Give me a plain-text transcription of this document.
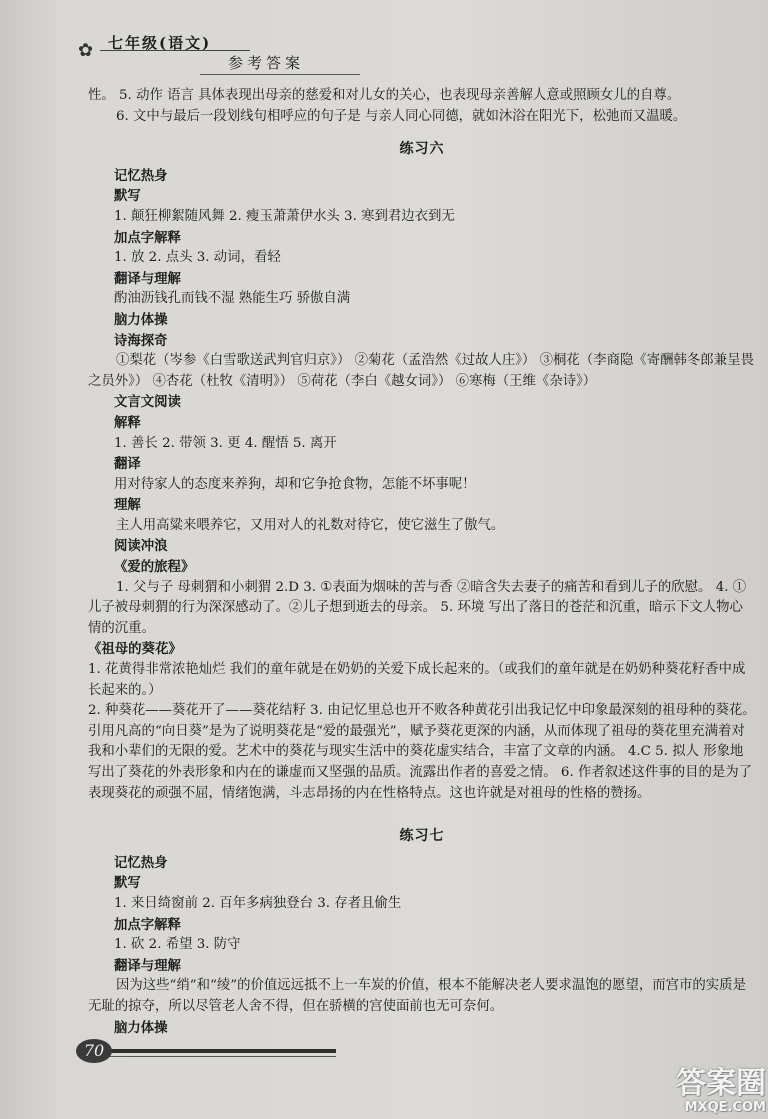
七年级(语文)
✿
参考答案

性。 5. 动作 语言 具体表现出母亲的慈爱和对儿女的关心，也表现母亲善解人意或照顾女儿的自尊。

6. 文中与最后一段划线句相呼应的句子是 与亲人同心同德，就如沐浴在阳光下，松弛而又温暖。

练习六

记忆热身

默写

1. 颠狂柳絮随风舞 2. 瘦玉萧萧伊水头 3. 寒到君边衣到无

加点字解释

1. 放 2. 点头 3. 动词，看轻

翻译与理解

酌油沥钱孔而钱不湿 熟能生巧 骄傲自满

脑力体操

诗海探奇

①梨花（岑参《白雪歌送武判官归京》） ②菊花（孟浩然《过故人庄》） ③桐花（李商隐《寄酬韩冬郎兼呈畏之员外》） ④杏花（杜牧《清明》） ⑤荷花（李白《越女词》） ⑥寒梅（王维《杂诗》）

文言文阅读

解释

1. 善长 2. 带领 3. 更 4. 醒悟 5. 离开

翻译

用对待家人的态度来养狗，却和它争抢食物，怎能不坏事呢！

理解

主人用高粱来喂养它，又用对人的礼数对待它，使它滋生了傲气。

阅读冲浪

《爱的旅程》

1. 父与子 母刺猬和小刺猬 2.D 3. ①表面为烟味的苦与香 ②暗含失去妻子的痛苦和看到儿子的欣慰。 4. ①儿子被母刺猬的行为深深感动了。②儿子想到逝去的母亲。 5. 环境 写出了落日的苍茫和沉重，暗示下文人物心情的沉重。

《祖母的葵花》

1. 花黄得非常浓艳灿烂 我们的童年就是在奶奶的关爱下成长起来的。（或我们的童年就是在奶奶种葵花籽香中成长起来的。）

2. 种葵花——葵花开了——葵花结籽 3. 由记忆里总也开不败各种黄花引出我记忆中印象最深刻的祖母种的葵花。 引用凡高的“向日葵”是为了说明葵花是“爱的最强光”，赋予葵花更深的内涵，从而体现了祖母的葵花里充满着对我和小辈们的无限的爱。艺术中的葵花与现实生活中的葵花虚实结合，丰富了文章的内涵。 4.C 5. 拟人 形象地写出了葵花的外表形象和内在的谦虚而又坚强的品质。流露出作者的喜爱之情。 6. 作者叙述这件事的目的是为了表现葵花的顽强不屈，情绪饱满，斗志昂扬的内在性格特点。这也许就是对祖母的性格的赞扬。

练习七

记忆热身

默写

1. 来日绮窗前 2. 百年多病独登台 3. 存者且偷生

加点字解释

1. 砍 2. 希望 3. 防守

翻译与理解

因为这些“绡”和“绫”的价值远远抵不上一车炭的价值，根本不能解决老人要求温饱的愿望，而宫市的实质是无耻的掠夺，所以尽管老人舍不得，但在骄横的宫使面前也无可奈何。

脑力体操

70
答案圈
MXQE.COM
